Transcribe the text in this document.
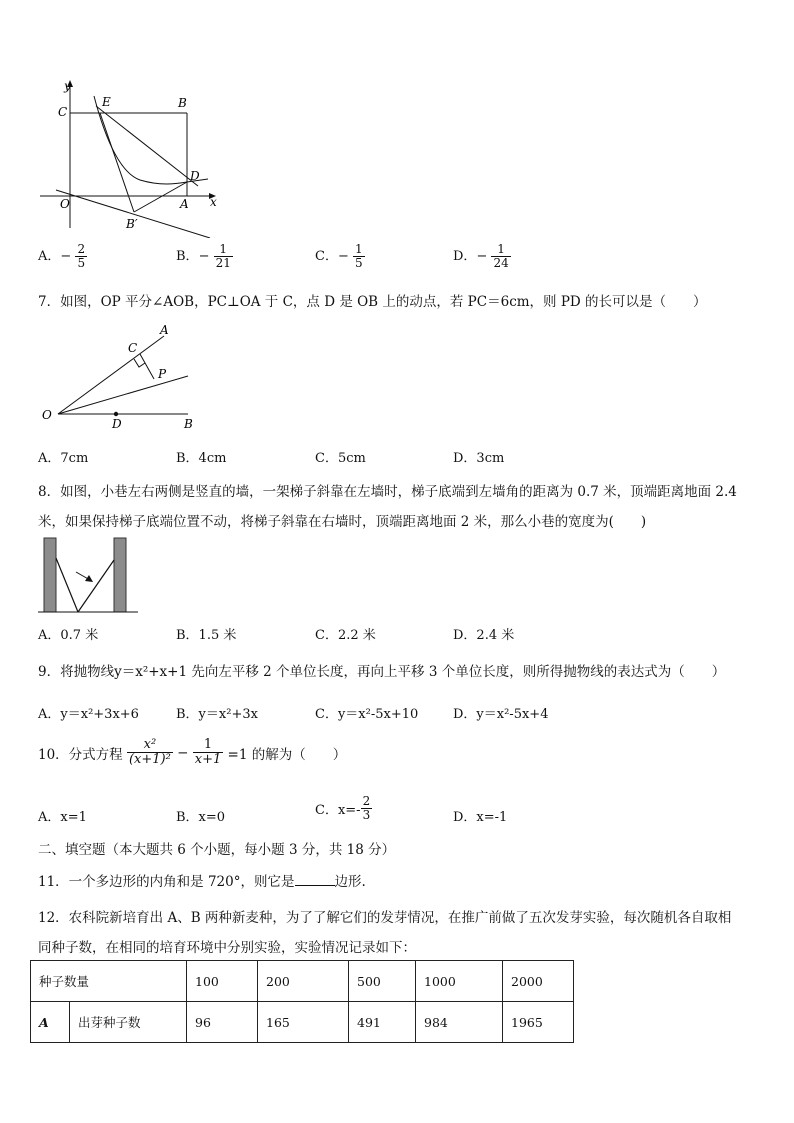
y
C
E	B
D
O	A x
B′
A．− $\frac{2}{5}$	B．− $\frac{1}{21}$	C．− $\frac{1}{5}$	D．− $\frac{1}{24}$
7．如图，OP 平分∠AOB，PC⊥OA 于 C，点 D 是 OB 上的动点，若 PC＝6cm，则 PD 的长可以是（　　）
A
C
P
O
D	B
A．7cm	B．4cm	C．5cm	D．3cm
8．如图，小巷左右两侧是竖直的墙，一架梯子斜靠在左墙时，梯子底端到左墙角的距离为 0.7 米，顶端距离地面 2.4
米，如果保持梯子底端位置不动，将梯子斜靠在右墙时，顶端距离地面 2 米，那么小巷的宽度为(　　)
A．0.7 米	B．1.5 米	C．2.2 米	D．2.4 米
9．将抛物线y＝x²+x+1 先向左平移 2 个单位长度，再向上平移 3 个单位长度，则所得抛物线的表达式为（　　）
A．y＝x²+3x+6	B．y＝x²+3x	C．y＝x²-5x+10	D．y＝x²-5x+4
10．分式方程 $\frac{\text{x²}}{\text{(x+1)²}} - \frac{1}{x+1} =1$ 的解为（　　）
A．x=1	B．x=0	C．$x=- \frac{2}{3}$	D．x=-1
二、填空题（本大题共 6 个小题，每小题 3 分，共 18 分）
11．一个多边形的内角和是 720°，则它是	边形.
12．农科院新培育出 A、B 两种新麦种，为了了解它们的发芽情况，在推广前做了五次发芽实验，每次随机各自取相
同种子数，在相同的培育环境中分别实验，实验情况记录如下：
种子数量		100	200	500	1000	2000
A	出芽种子数	96	165	491	984	1965
